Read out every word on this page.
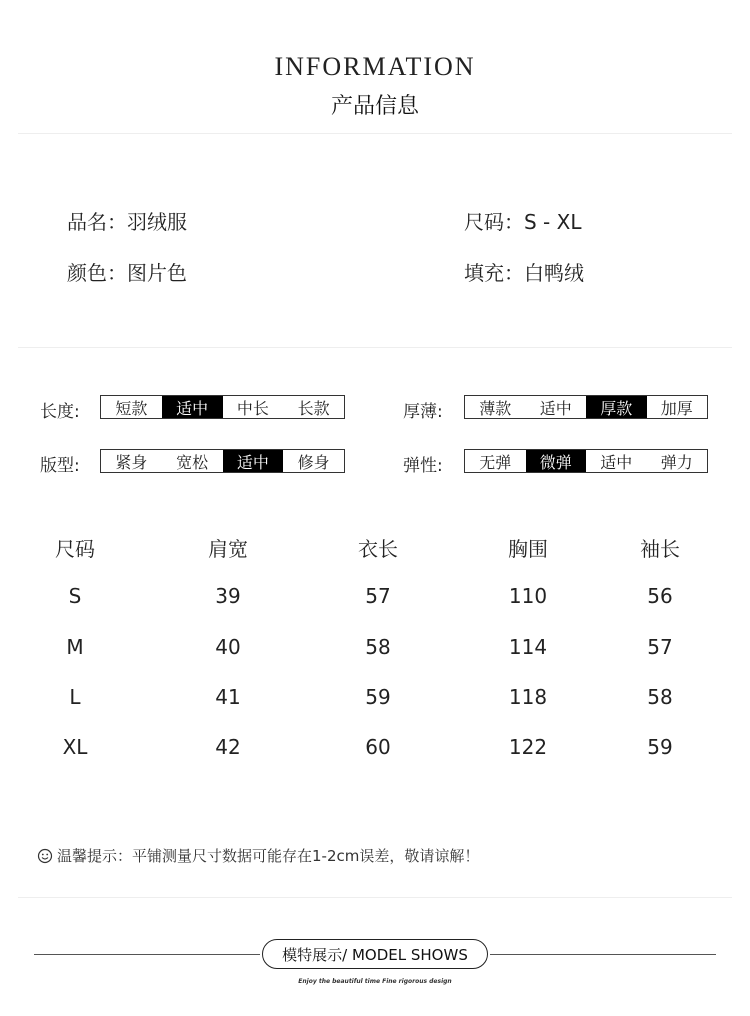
INFORMATION
产品信息
品名：羽绒服	尺码：S - XL
颜色：图片色	填充：白鸭绒
长度:	短款	适中	中长	长款	厚薄:	薄款	适中	厚款	加厚
版型:	紧身	宽松	适中	修身	弹性:	无弹	微弹	适中	弹力
尺码	肩宽	衣长	胸围	袖长
S	39	57	110	56
M	40	58	114	57
L	41	59	118	58
XL	42	60	122	59
温馨提示：平铺测量尺寸数据可能存在1-2cm误差，敬请谅解！
模特展示/ MODEL SHOWS
Enjoy the beautiful time Fine rigorous design
